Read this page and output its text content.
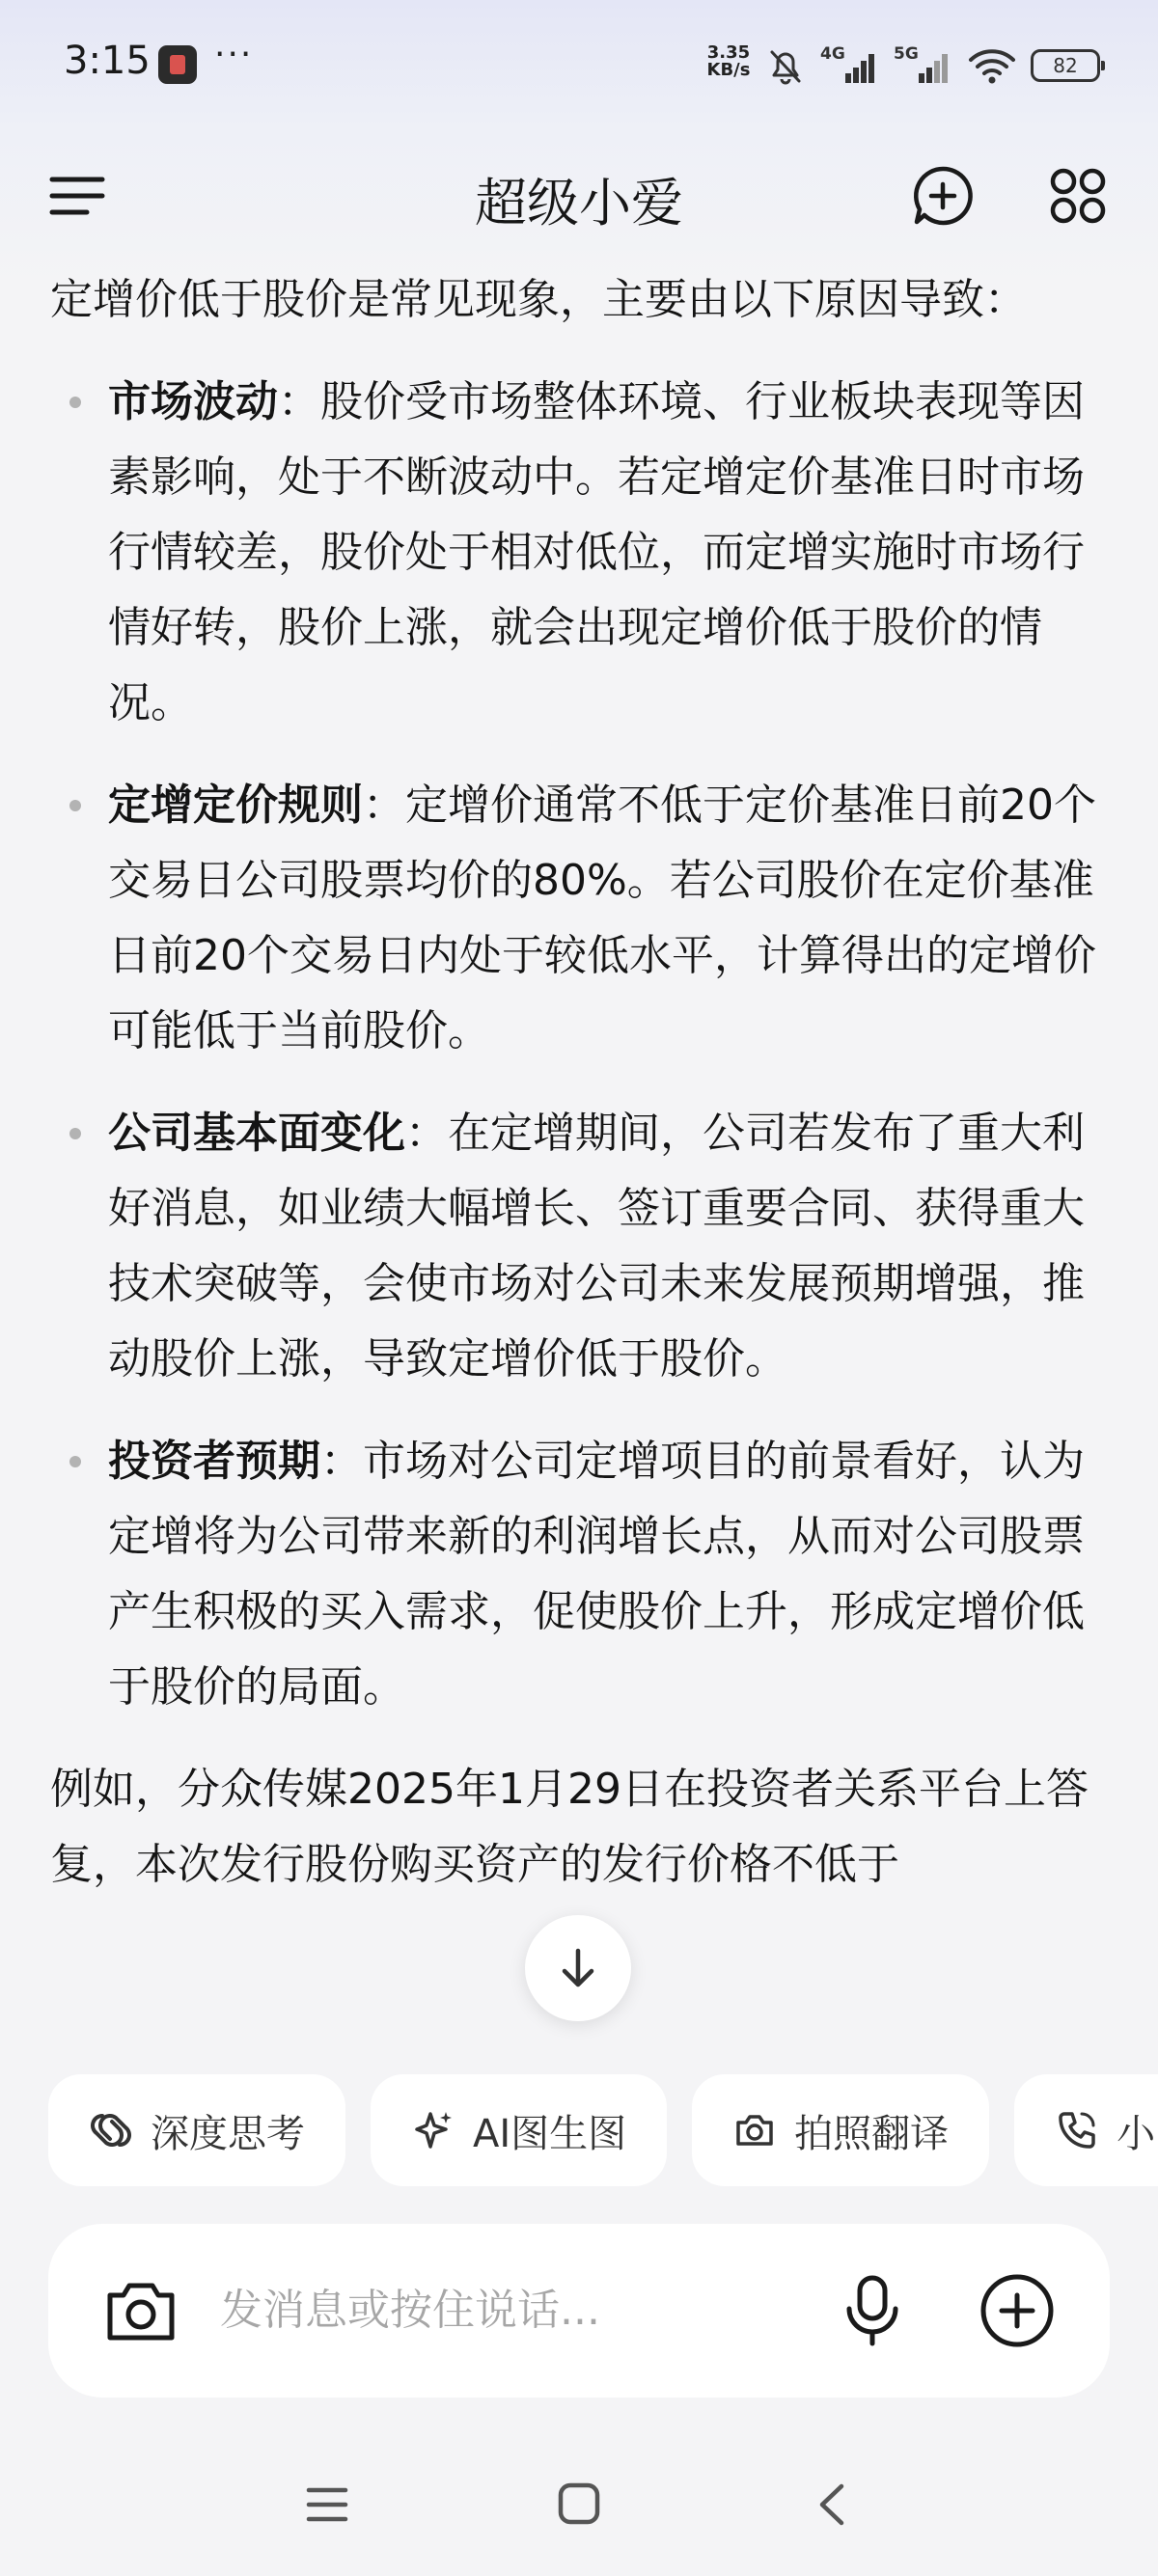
3:15 ···	3.35
KB/s
4G	5G	82
超级小爱

定增价低于股价是常见现象，主要由以下原因导致：

市场波动：股价受市场整体环境、行业板块表现等因素影响，处于不断波动中。若定增定价基准日时市场行情较差，股价处于相对低位，而定增实施时市场行情好转，股价上涨，就会出现定增价低于股价的情况。
定增定价规则：定增价通常不低于定价基准日前20个交易日公司股票均价的80%。若公司股价在定价基准日前20个交易日内处于较低水平，计算得出的定增价可能低于当前股价。
公司基本面变化：在定增期间，公司若发布了重大利好消息，如业绩大幅增长、签订重要合同、获得重大技术突破等，会使市场对公司未来发展预期增强，推动股价上涨，导致定增价低于股价。
投资者预期：市场对公司定增项目的前景看好，认为定增将为公司带来新的利润增长点，从而对公司股票产生积极的买入需求，促使股价上升，形成定增价低于股价的局面。

例如，分众传媒2025年1月29日在投资者关系平台上答复，本次发行股份购买资产的发行价格不低于

深度思考	AI图生图	拍照翻译	小
发消息或按住说话...
